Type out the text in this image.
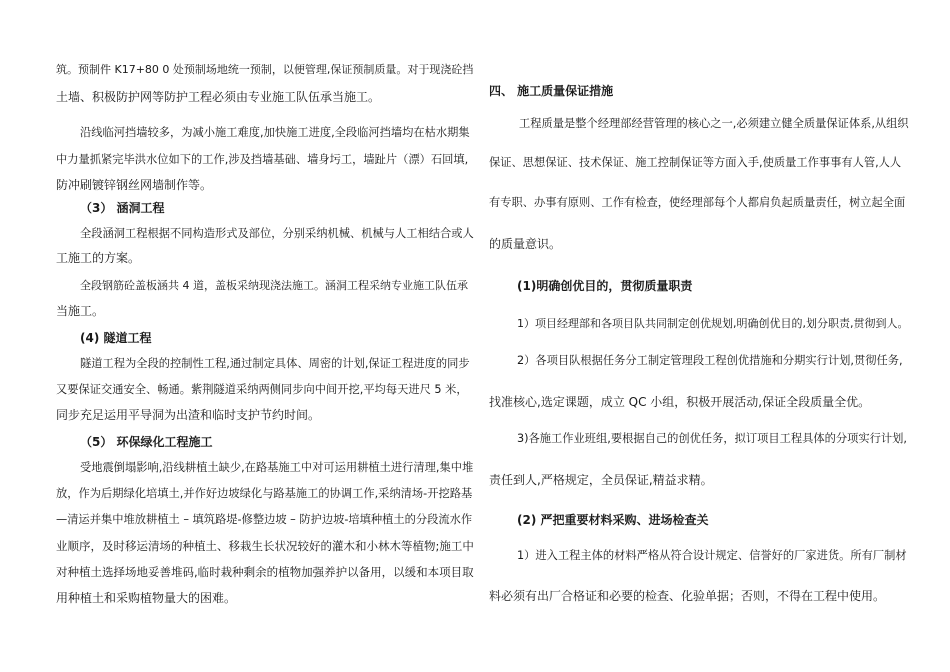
筑。预制件 K17+80 0 处预制场地统一预制，以便管理,保证预制质量。对于现浇砼挡
土墙、积极防护网等防护工程必须由专业施工队伍承当施工。
沿线临河挡墙较多，为减小施工难度,加快施工进度,全段临河挡墙均在枯水期集
中力量抓紧完毕洪水位如下的工作,涉及挡墙基础、墙身圬工，墙趾片（漂）石回填,
防冲刷镀锌钢丝网墙制作等。
（3） 涵洞工程
全段涵洞工程根据不同构造形式及部位，分别采纳机械、机械与人工相结合或人
工施工的方案。
全段钢筋砼盖板涵共 4 道，盖板采纳现浇法施工。涵洞工程采纳专业施工队伍承
当施工。
(4) 隧道工程
隧道工程为全段的控制性工程,通过制定具体、周密的计划,保证工程进度的同步
又要保证交通安全、畅通。紫荆隧道采纳两侧同步向中间开挖,平均每天进尺 5 米，
同步充足运用平导洞为出渣和临时支护节约时间。
（5） 环保绿化工程施工
受地震倒塌影响,沿线耕植土缺少,在路基施工中对可运用耕植土进行清理,集中堆
放，作为后期绿化培填土,并作好边坡绿化与路基施工的协调工作,采纳清场-开挖路基
—清运并集中堆放耕植土 – 填筑路堤-修整边坡 – 防护边坡-培填种植土的分段流水作
业顺序，及时移运清场的种植土、移栽生长状况较好的灌木和小林木等植物;施工中
对种植土选择场地妥善堆码,临时栽种剩余的植物加强养护以备用，以缓和本项目取
用种植土和采购植物量大的困难。
四、 施工质量保证措施
工程质量是整个经理部经营管理的核心之一,必须建立健全质量保证体系,从组织
保证、思想保证、技术保证、施工控制保证等方面入手,使质量工作事事有人管,人人
有专职、办事有原则、工作有检查，使经理部每个人都肩负起质量责任，树立起全面
的质量意识。
(1)明确创优目的，贯彻质量职责
1）项目经理部和各项目队共同制定创优规划,明确创优目的,划分职责,贯彻到人。
2）各项目队根据任务分工制定管理段工程创优措施和分期实行计划,贯彻任务,
找准核心,选定课题，成立 QC 小组，积极开展活动,保证全段质量全优。
3)各施工作业班组,要根据自己的创优任务，拟订项目工程具体的分项实行计划,
责任到人,严格规定，全员保证,精益求精。
(2) 严把重要材料采购、进场检查关
1）进入工程主体的材料严格从符合设计规定、信誉好的厂家进货。所有厂制材
料必须有出厂合格证和必要的检查、化验单据；否则，不得在工程中使用。
